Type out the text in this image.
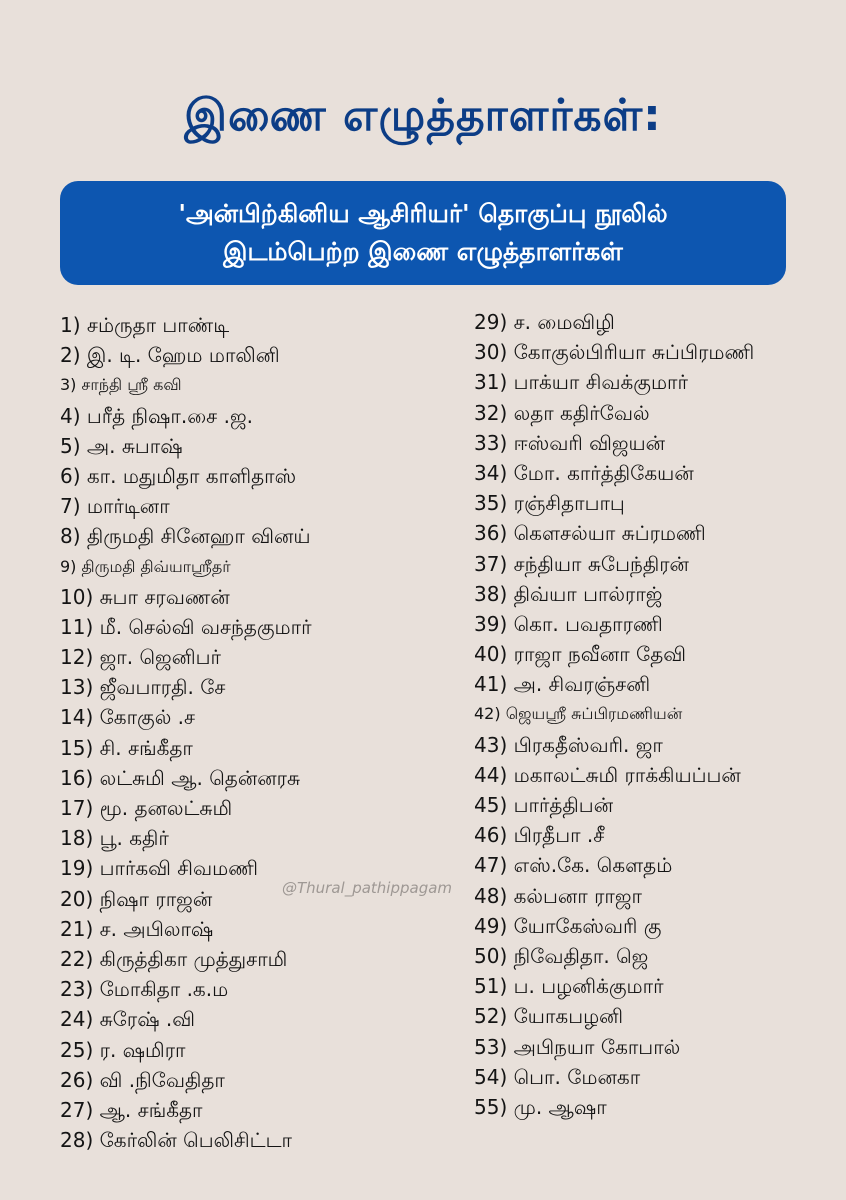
இணை எழுத்தாளர்கள்:
'அன்பிற்கினிய ஆசிரியர்' தொகுப்பு நூலில்
இடம்பெற்ற இணை எழுத்தாளர்கள்
1) சம்ருதா பாண்டி
2) இ. டி. ஹேம மாலினி
3) சாந்தி ஸ்ரீ கவி
4) பரீத் நிஷா.சை .ஜ.
5) அ. சுபாஷ்
6) கா. மதுமிதா காளிதாஸ்
7) மார்டினா
8) திருமதி சினேஹா வினய்
9) திருமதி திவ்யாஸ்ரீதர்
10) சுபா சரவணன்
11) மீ. செல்வி வசந்தகுமார்
12) ஜா. ஜெனிபர்
13) ஜீவபாரதி. சே
14) கோகுல் .ச
15) சி. சங்கீதா
16) லட்சுமி ஆ. தென்னரசு
17) மூ. தனலட்சுமி
18) பூ. கதிர்
19) பார்கவி சிவமணி
20) நிஷா ராஜன்
21) ச. அபிலாஷ்
22) கிருத்திகா முத்துசாமி
23) மோகிதா .க.ம
24) சுரேஷ் .வி
25) ர. ஷமிரா
26) வி .நிவேதிதா
27) ஆ. சங்கீதா
28) கேர்லின் பெலிசிட்டா
29) ச. மைவிழி
30) கோகுல்பிரியா சுப்பிரமணி
31) பாக்யா சிவக்குமார்
32) லதா கதிர்வேல்
33) ஈஸ்வரி விஜயன்
34) மோ. கார்த்திகேயன்
35) ரஞ்சிதாபாபு
36) கௌசல்யா சுப்ரமணி
37) சந்தியா சுபேந்திரன்
38) திவ்யா பால்ராஜ்
39) கொ. பவதாரணி
40) ராஜா நவீனா தேவி
41) அ. சிவரஞ்சனி
42) ஜெயஸ்ரீ சுப்பிரமணியன்
43) பிரகதீஸ்வரி. ஜா
44) மகாலட்சுமி ராக்கியப்பன்
45) பார்த்திபன்
46) பிரதீபா .சீ
47) எஸ்.கே. கௌதம்
48) கல்பனா ராஜா
49) யோகேஸ்வரி கு
50) நிவேதிதா. ஜெ
51) ப. பழனிக்குமார்
52) யோகபழனி
53) அபிநயா கோபால்
54) பொ. மேனகா
55) மு. ஆஷா
@Thural_pathippagam
